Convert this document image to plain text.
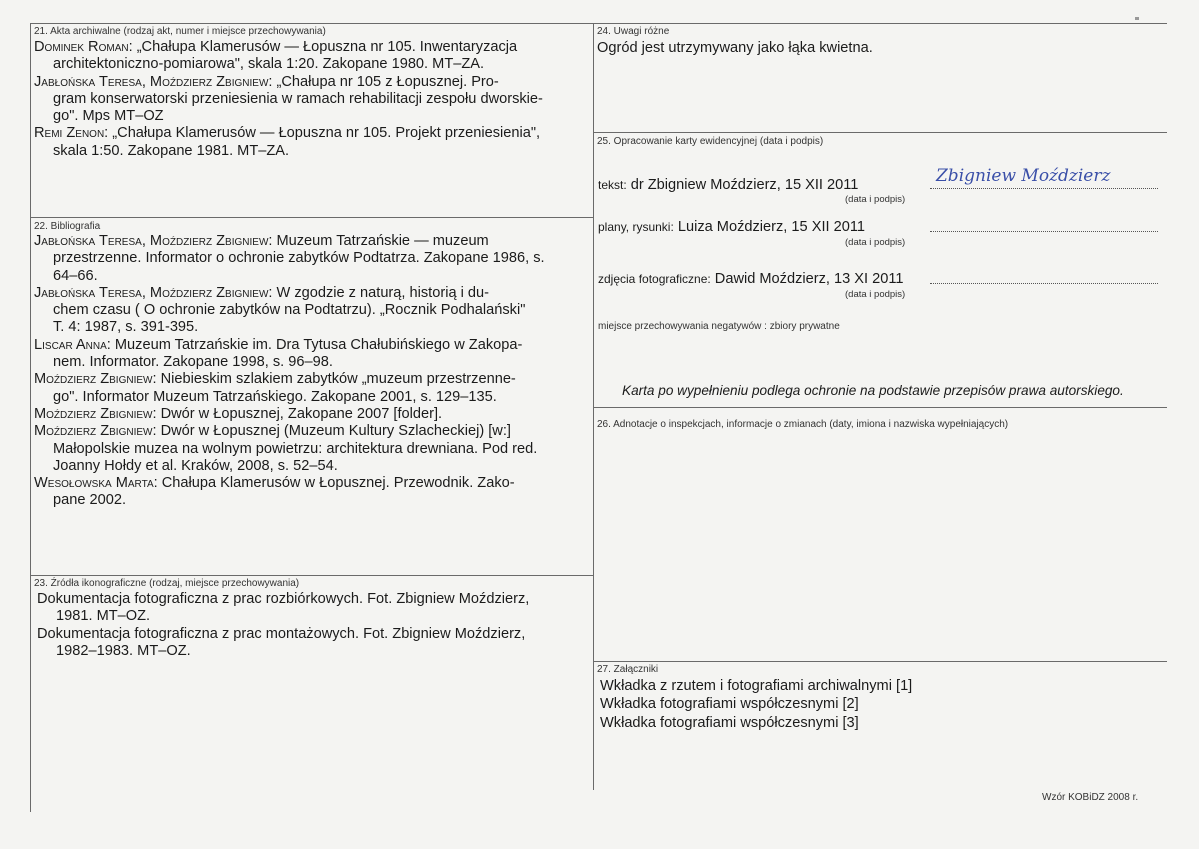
21. Akta archiwalne (rodzaj akt, numer i miejsce przechowywania)
Dominek Roman: „Chałupa Klamerusów — Łopuszna nr 105. Inwentaryzacja
architektoniczno-pomiarowa", skala 1:20. Zakopane 1980. MT–ZA.
Jabłońska Teresa, Moździerz Zbigniew: „Chałupa nr 105 z Łopusznej. Pro-
gram konserwatorski przeniesienia w ramach rehabilitacji zespołu dworskie-
go". Mps MT–OZ
Remi Zenon: „Chałupa Klamerusów — Łopuszna nr 105. Projekt przeniesienia",
skala 1:50. Zakopane 1981. MT–ZA.
22. Bibliografia
Jabłońska Teresa, Moździerz Zbigniew: Muzeum Tatrzańskie — muzeum
przestrzenne. Informator o ochronie zabytków Podtatrza. Zakopane 1986, s.
64–66.
Jabłońska Teresa, Moździerz Zbigniew: W zgodzie z naturą, historią i du-
chem czasu ( O ochronie zabytków na Podtatrzu). „Rocznik Podhalański"
T. 4: 1987, s. 391-395.
Liscar Anna: Muzeum Tatrzańskie im. Dra Tytusa Chałubińskiego w Zakopa-
nem. Informator. Zakopane 1998, s. 96–98.
Moździerz Zbigniew: Niebieskim szlakiem zabytków „muzeum przestrzenne-
go". Informator Muzeum Tatrzańskiego. Zakopane 2001, s. 129–135.
Moździerz Zbigniew: Dwór w Łopusznej, Zakopane 2007 [folder].
Moździerz Zbigniew: Dwór w Łopusznej (Muzeum Kultury Szlacheckiej) [w:]
Małopolskie muzea na wolnym powietrzu: architektura drewniana. Pod red.
Joanny Hołdy et al. Kraków, 2008, s. 52–54.
Wesołowska Marta: Chałupa Klamerusów w Łopusznej. Przewodnik. Zako-
pane 2002.
23. Źródła ikonograficzne (rodzaj, miejsce przechowywania)
Dokumentacja fotograficzna z prac rozbiórkowych. Fot. Zbigniew Moździerz,
1981. MT–OZ.
Dokumentacja fotograficzna z prac montażowych. Fot. Zbigniew Moździerz,
1982–1983. MT–OZ.
24. Uwagi różne
Ogród jest utrzymywany jako łąka kwietna.
25. Opracowanie karty ewidencyjnej (data i podpis)
tekst: dr Zbigniew Moździerz, 15 XII 2011
(data i podpis)
Zbigniew Moździerz
plany, rysunki: Luiza Moździerz, 15 XII 2011
(data i podpis)
zdjęcia fotograficzne: Dawid Moździerz, 13 XI 2011
(data i podpis)
miejsce przechowywania negatywów : zbiory prywatne
Karta po wypełnieniu podlega ochronie na podstawie przepisów prawa autorskiego.
26. Adnotacje o inspekcjach, informacje o zmianach (daty, imiona i nazwiska wypełniających)
27. Załączniki
Wkładka z rzutem i fotografiami archiwalnymi [1]
Wkładka fotografiami współczesnymi [2]
Wkładka fotografiami współczesnymi [3]
Wzór KOBiDZ 2008 r.
